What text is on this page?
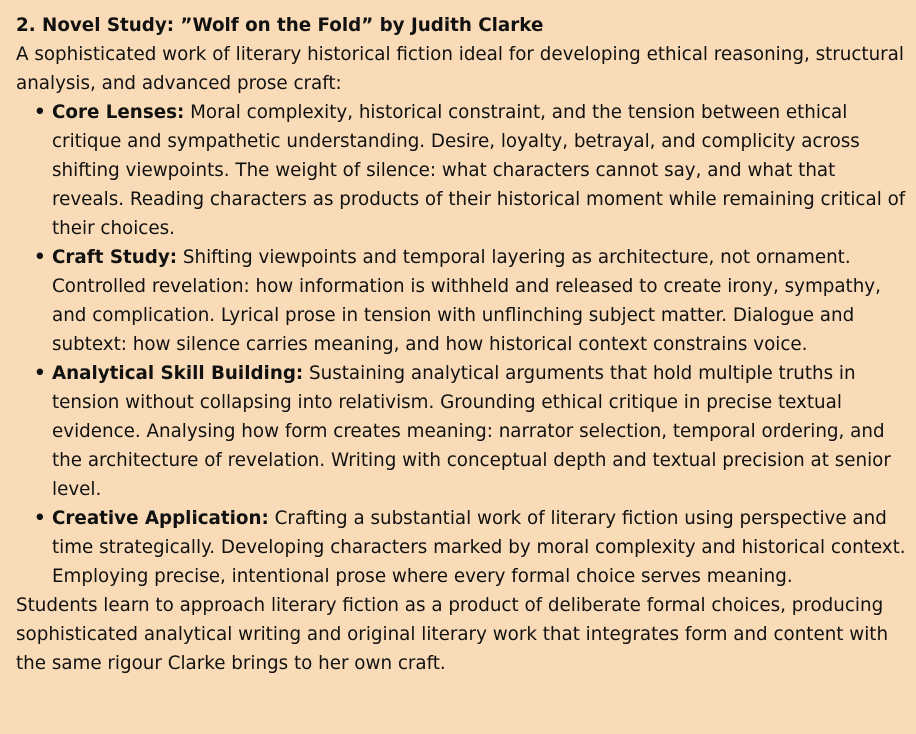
2. Novel Study: ”Wolf on the Fold” by Judith Clarke

A sophisticated work of literary historical fiction ideal for developing ethical reasoning, structural analysis, and advanced prose craft:

• Core Lenses: Moral complexity, historical constraint, and the tension between ethical critique and sympathetic understanding. Desire, loyalty, betrayal, and complicity across shifting viewpoints. The weight of silence: what characters cannot say, and what that reveals. Reading characters as products of their historical moment while remaining critical of their choices.
• Craft Study: Shifting viewpoints and temporal layering as architecture, not ornament. Controlled revelation: how information is withheld and released to create irony, sympathy, and complication. Lyrical prose in tension with unflinching subject matter. Dialogue and subtext: how silence carries meaning, and how historical context constrains voice.
• Analytical Skill Building: Sustaining analytical arguments that hold multiple truths in tension without collapsing into relativism. Grounding ethical critique in precise textual evidence. Analysing how form creates meaning: narrator selection, temporal ordering, and the architecture of revelation. Writing with conceptual depth and textual precision at senior level.
• Creative Application: Crafting a substantial work of literary fiction using perspective and time strategically. Developing characters marked by moral complexity and historical context. Employing precise, intentional prose where every formal choice serves meaning.

Students learn to approach literary fiction as a product of deliberate formal choices, producing sophisticated analytical writing and original literary work that integrates form and content with the same rigour Clarke brings to her own craft.
